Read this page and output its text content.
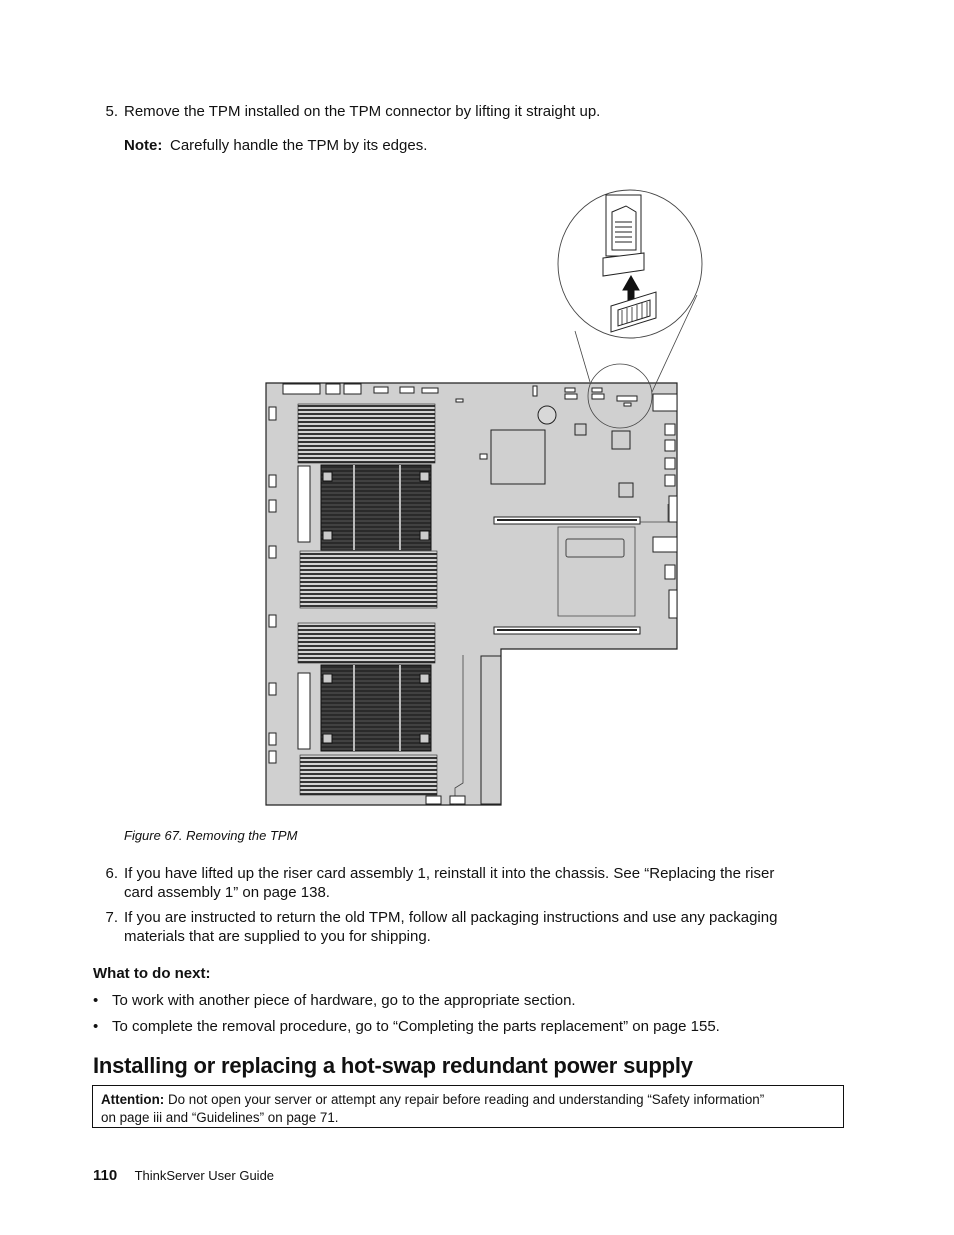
5. Remove the TPM installed on the TPM connector by lifting it straight up.
Note: Carefully handle the TPM by its edges.
Figure 67. Removing the TPM
6. If you have lifted up the riser card assembly 1, reinstall it into the chassis. See “Replacing the riser
card assembly 1” on page 138.
7. If you are instructed to return the old TPM, follow all packaging instructions and use any packaging
materials that are supplied to you for shipping.
What to do next:
• To work with another piece of hardware, go to the appropriate section.
• To complete the removal procedure, go to “Completing the parts replacement” on page 155.
Installing or replacing a hot-swap redundant power supply
Attention: Do not open your server or attempt any repair before reading and understanding “Safety information”
on page iii and “Guidelines” on page 71.
110 ThinkServer User Guide
